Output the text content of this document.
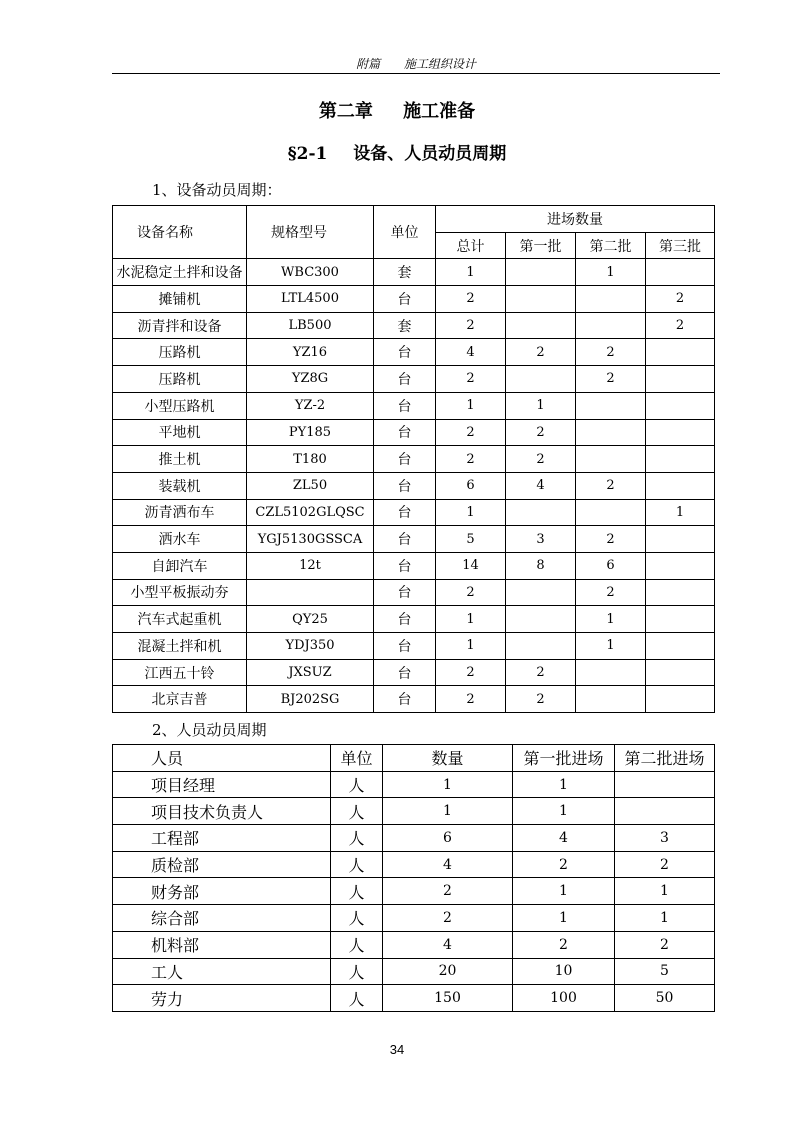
附篇 施工组织设计
第二章 施工准备
§2-1 设备、人员动员周期
1、设备动员周期：
设备名称	规格型号	单位	进场数量			
			总计	第一批	第二批	第三批
水泥稳定土拌和设备	WBC300	套	1		1	
摊铺机	LTL4500	台	2			2
沥青拌和设备	LB500	套	2			2
压路机	YZ16	台	4	2	2	
压路机	YZ8G	台	2		2	
小型压路机	YZ-2	台	1	1		
平地机	PY185	台	2	2		
推土机	T180	台	2	2		
装载机	ZL50	台	6	4	2	
沥青洒布车	CZL5102GLQSC	台	1			1
洒水车	YGJ5130GSSCA	台	5	3	2	
自卸汽车	12t	台	14	8	6	
小型平板振动夯		台	2		2	
汽车式起重机	QY25	台	1		1	
混凝土拌和机	YDJ350	台	1		1	
江西五十铃	JXSUZ	台	2	2		
北京吉普	BJ202SG	台	2	2		
2、人员动员周期
人员	单位	数量	第一批进场	第二批进场
项目经理	人	1	1	
项目技术负责人	人	1	1	
工程部	人	6	4	3
质检部	人	4	2	2
财务部	人	2	1	1
综合部	人	2	1	1
机料部	人	4	2	2
工人	人	20	10	5
劳力	人	150	100	50
34
